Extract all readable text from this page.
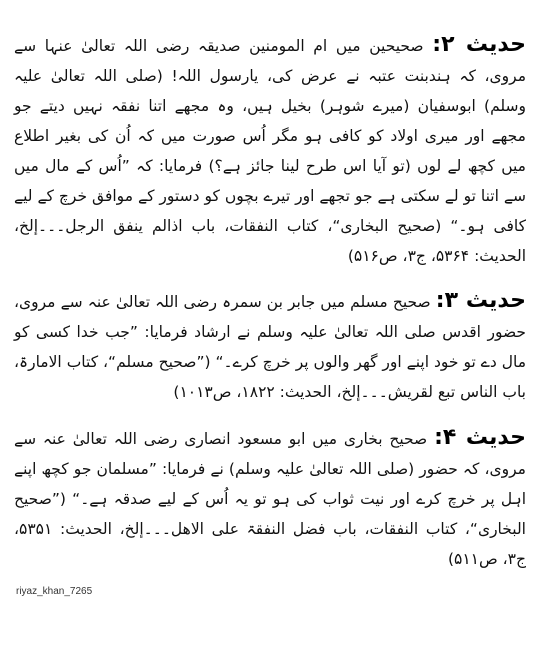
حدیث ۲: صحیحین میں ام المومنین صدیقہ رضی اللہ تعالیٰ عنہا سے مروی، کہ ہندبنت عتبہ نے عرض کی، یارسول اللہ! (صلی اللہ تعالیٰ علیہ وسلم) ابوسفیان (میرے شوہر) بخیل ہیں، وہ مجھے اتنا نفقہ نہیں دیتے جو مجھے اور میری اولاد کو کافی ہو مگر اُس صورت میں کہ اُن کی بغیر اطلاع میں کچھ لے لوں (تو آیا اس طرح لینا جائز ہے؟) فرمایا: کہ ”اُس کے مال میں سے اتنا تو لے سکتی ہے جو تجھے اور تیرے بچوں کو دستور کے موافق خرچ کے لیے کافی ہو۔“ (صحیح البخاری“، کتاب النفقات، باب اذالم ینفق الرجل۔۔۔إلخ، الحدیث: ۵۳۶۴، ج۳، ص۵۱۶)

حدیث ۳: صحیح مسلم میں جابر بن سمرہ رضی اللہ تعالیٰ عنہ سے مروی، حضور اقدس صلی اللہ تعالیٰ علیہ وسلم نے ارشاد فرمایا: ”جب خدا کسی کو مال دے تو خود اپنے اور گھر والوں پر خرچ کرے۔“ (”صحیح مسلم“، کتاب الامارۃ، باب الناس تبع لقریش۔۔۔إلخ، الحدیث: ۱۸۲۲، ص۱۰۱۳)

حدیث ۴: صحیح بخاری میں ابو مسعود انصاری رضی اللہ تعالیٰ عنہ سے مروی، کہ حضور (صلی اللہ تعالیٰ علیہ وسلم) نے فرمایا: ”مسلمان جو کچھ اپنے اہل پر خرچ کرے اور نیت ثواب کی ہو تو یہ اُس کے لیے صدقہ ہے۔“ (”صحیح البخاری“، کتاب النفقات، باب فضل النفقۃ علی الاھل۔۔۔إلخ، الحدیث: ۵۳۵۱، ج۳، ص۵۱۱)

riyaz_khan_7265
